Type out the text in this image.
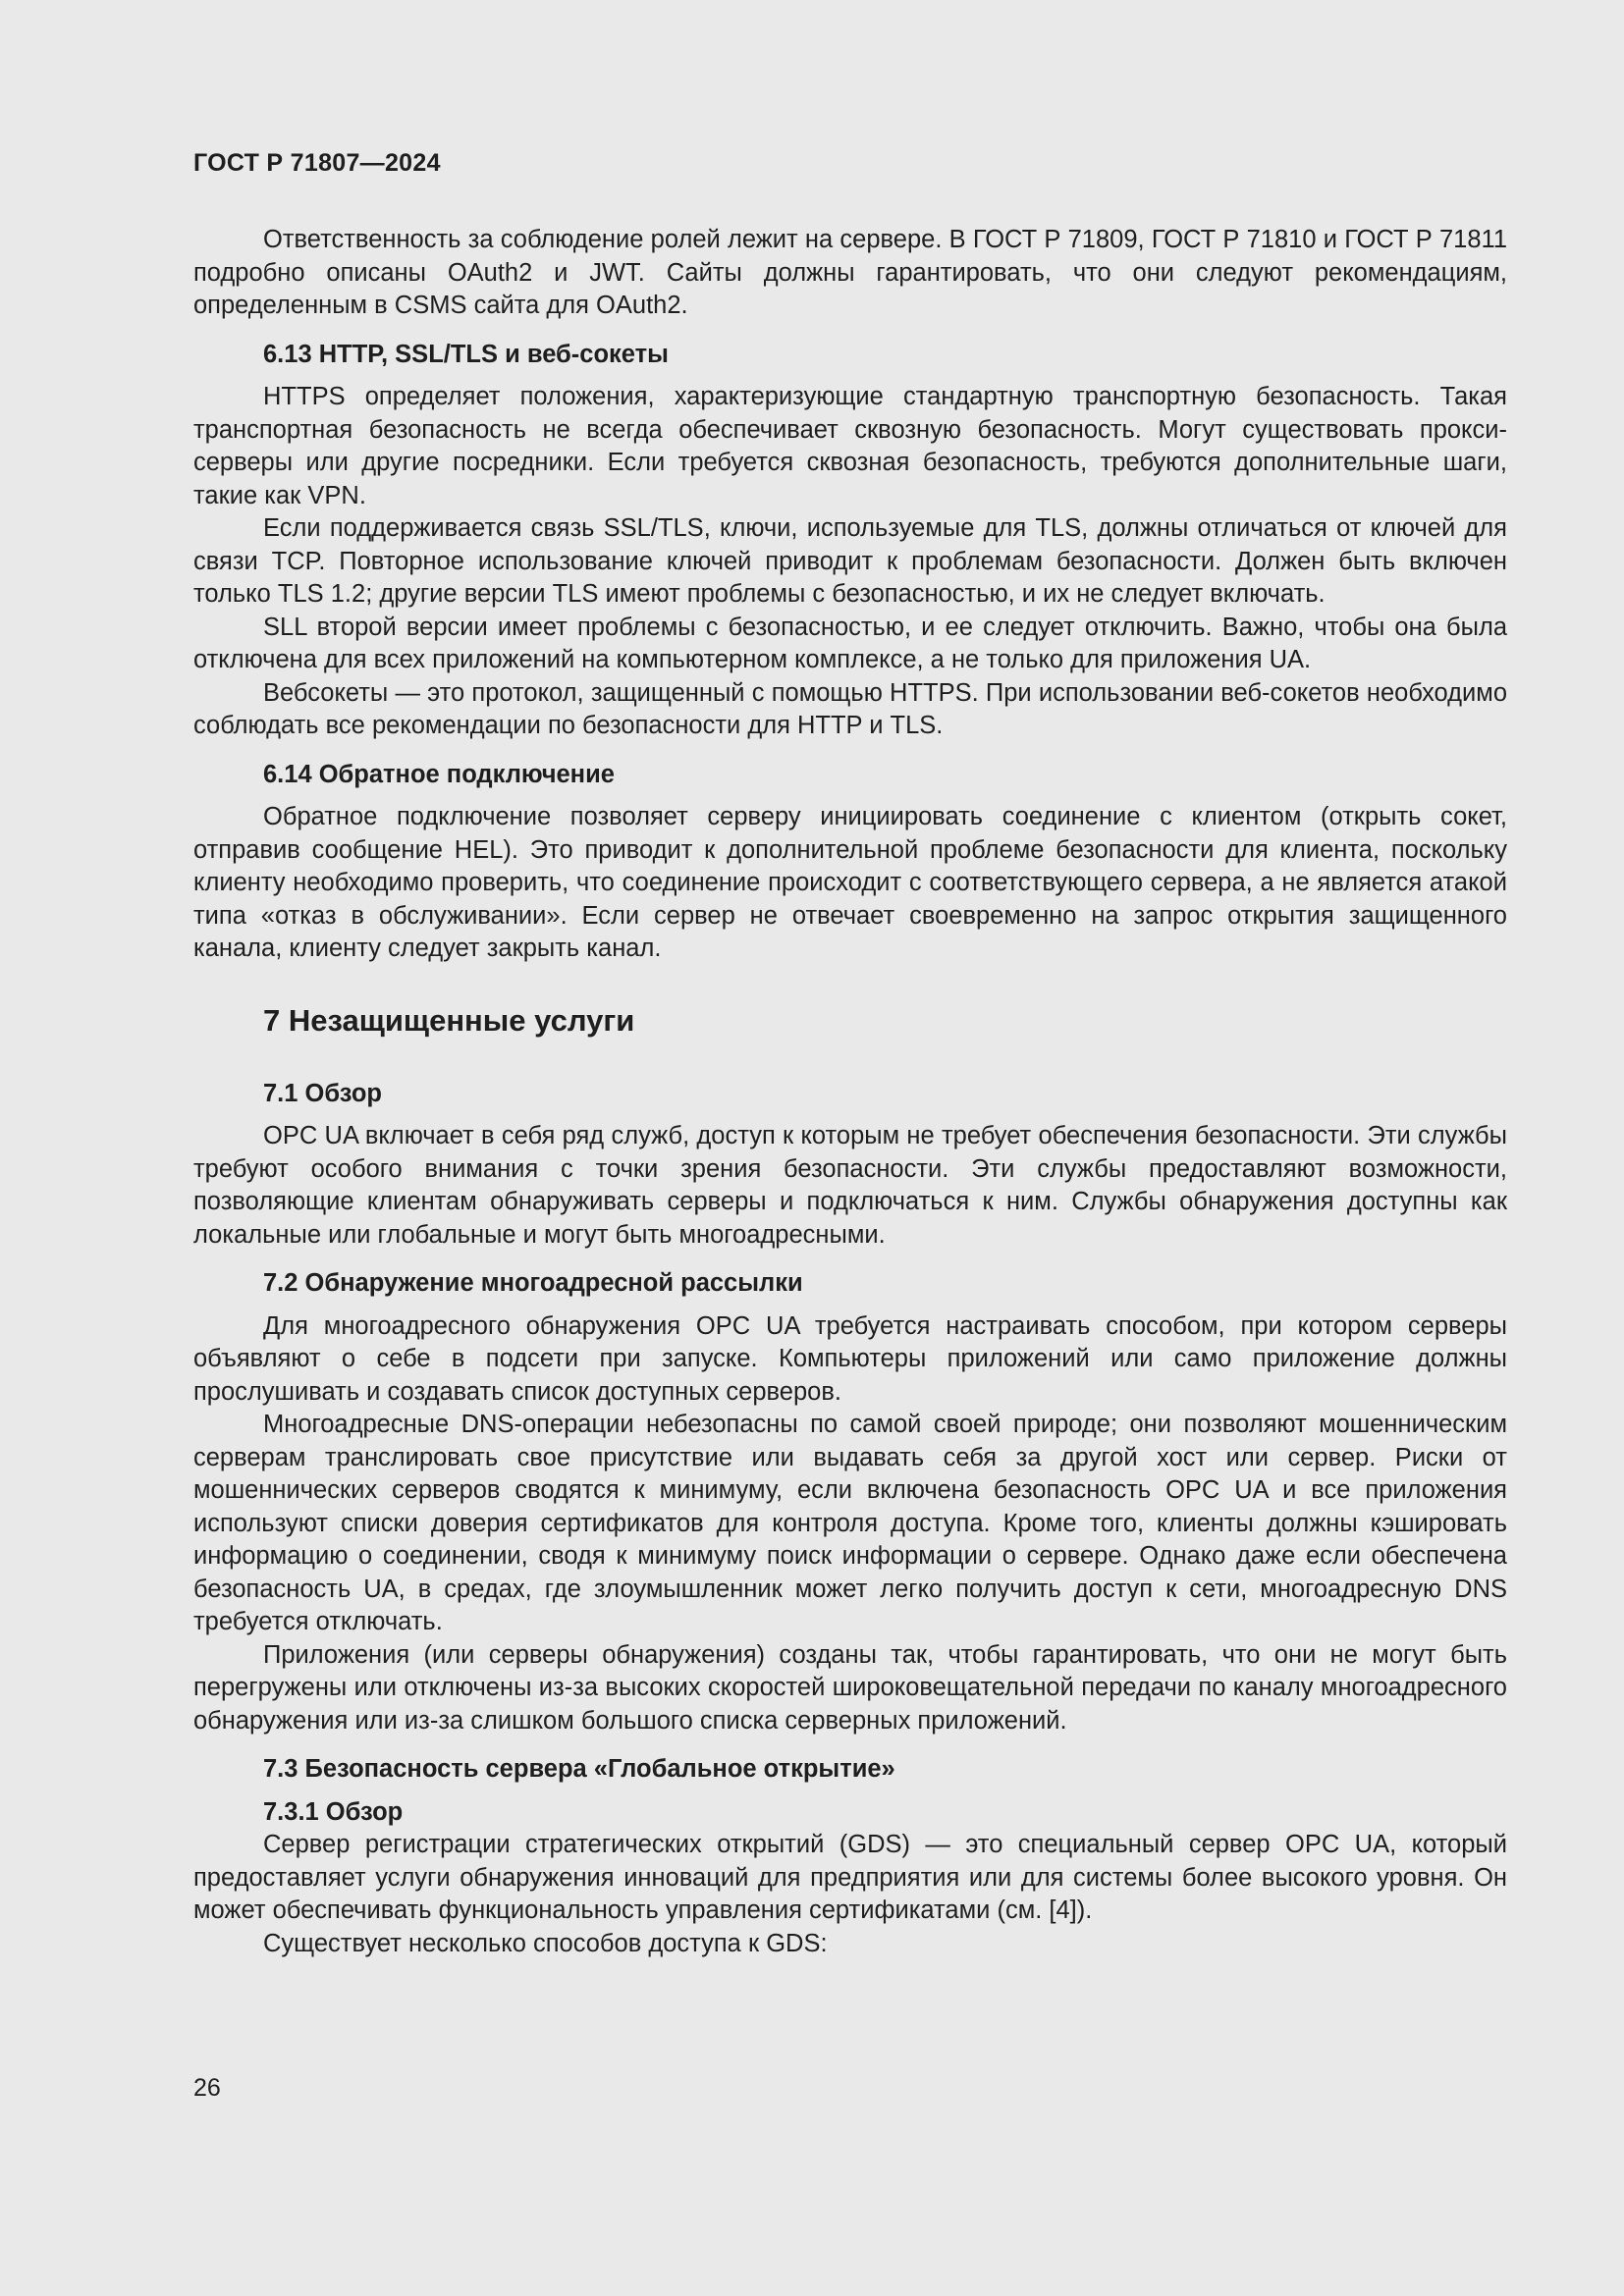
ГОСТ Р 71807—2024

Ответственность за соблюдение ролей лежит на сервере. В ГОСТ Р 71809, ГОСТ Р 71810 и ГОСТ Р 71811 подробно описаны OAuth2 и JWT. Сайты должны гарантировать, что они следуют рекомендациям, определенным в CSMS сайта для OAuth2.

6.13 HTTP, SSL/TLS и веб-сокеты

HTTPS определяет положения, характеризующие стандартную транспортную безопасность. Такая транспортная безопасность не всегда обеспечивает сквозную безопасность. Могут существовать прокси-серверы или другие посредники. Если требуется сквозная безопасность, требуются дополнительные шаги, такие как VPN.

Если поддерживается связь SSL/TLS, ключи, используемые для TLS, должны отличаться от ключей для связи TCP. Повторное использование ключей приводит к проблемам безопасности. Должен быть включен только TLS 1.2; другие версии TLS имеют проблемы с безопасностью, и их не следует включать.

SLL второй версии имеет проблемы с безопасностью, и ее следует отключить. Важно, чтобы она была отключена для всех приложений на компьютерном комплексе, а не только для приложения UA.

Вебсокеты — это протокол, защищенный с помощью HTTPS. При использовании веб-сокетов необходимо соблюдать все рекомендации по безопасности для HTTP и TLS.

6.14 Обратное подключение

Обратное подключение позволяет серверу инициировать соединение с клиентом (открыть сокет, отправив сообщение HEL). Это приводит к дополнительной проблеме безопасности для клиента, поскольку клиенту необходимо проверить, что соединение происходит с соответствующего сервера, а не является атакой типа «отказ в обслуживании». Если сервер не отвечает своевременно на запрос открытия защищенного канала, клиенту следует закрыть канал.

7 Незащищенные услуги
7.1 Обзор

OPC UA включает в себя ряд служб, доступ к которым не требует обеспечения безопасности. Эти службы требуют особого внимания с точки зрения безопасности. Эти службы предоставляют возможности, позволяющие клиентам обнаруживать серверы и подключаться к ним. Службы обнаружения доступны как локальные или глобальные и могут быть многоадресными.

7.2 Обнаружение многоадресной рассылки

Для многоадресного обнаружения OPC UA требуется настраивать способом, при котором серверы объявляют о себе в подсети при запуске. Компьютеры приложений или само приложение должны прослушивать и создавать список доступных серверов.

Многоадресные DNS-операции небезопасны по самой своей природе; они позволяют мошенническим серверам транслировать свое присутствие или выдавать себя за другой хост или сервер. Риски от мошеннических серверов сводятся к минимуму, если включена безопасность OPC UA и все приложения используют списки доверия сертификатов для контроля доступа. Кроме того, клиенты должны кэшировать информацию о соединении, сводя к минимуму поиск информации о сервере. Однако даже если обеспечена безопасность UA, в средах, где злоумышленник может легко получить доступ к сети, многоадресную DNS требуется отключать.

Приложения (или серверы обнаружения) созданы так, чтобы гарантировать, что они не могут быть перегружены или отключены из-за высоких скоростей широковещательной передачи по каналу многоадресного обнаружения или из-за слишком большого списка серверных приложений.

7.3 Безопасность сервера «Глобальное открытие»
7.3.1 Обзор

Сервер регистрации стратегических открытий (GDS) — это специальный сервер OPC UA, который предоставляет услуги обнаружения инноваций для предприятия или для системы более высокого уровня. Он может обеспечивать функциональность управления сертификатами (см. [4]).

Существует несколько способов доступа к GDS:

26
